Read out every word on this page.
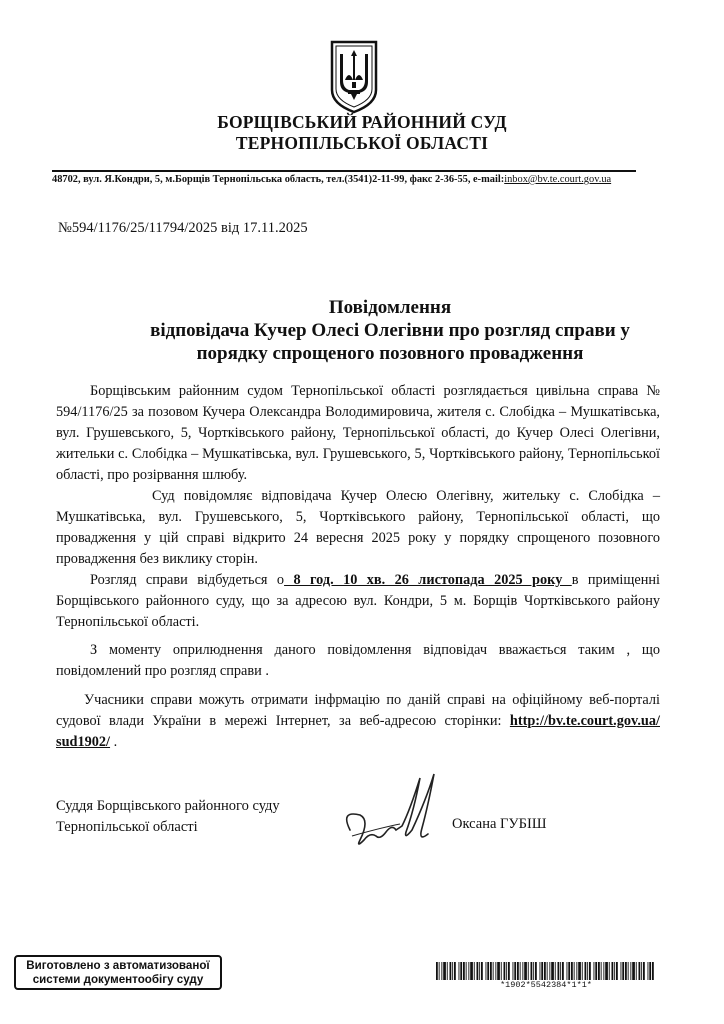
БОРЩІВСЬКИЙ РАЙОННИЙ СУД
ТЕРНОПІЛЬСЬКОЇ ОБЛАСТІ
48702, вул. Я.Кондри, 5, м.Борщів Тернопільська область, тел.(3541)2-11-99, факс 2-36-55, e-mail:inbox@bv.te.court.gov.ua
№594/1176/25/11794/2025 від 17.11.2025
Повідомлення
відповідача Кучер Олесі Олегівни про розгляд справи у
порядку спрощеного позовного провадження
Борщівським районним судом Тернопільської області розглядається цивільна справа № 594/1176/25 за позовом Кучера Олександра Володимировича, жителя с. Слобідка – Мушкатівська, вул. Грушевського, 5, Чортківського району, Тернопільської області, до Кучер Олесі Олегівни, жительки с. Слобідка – Мушкатівська, вул. Грушевського, 5, Чортківського району, Тернопільської області, про розірвання шлюбу.
Суд повідомляє відповідача Кучер Олесю Олегівну, жительку с. Слобідка – Мушкатівська, вул. Грушевського, 5, Чортківського району, Тернопільської області, що провадження у цій справі відкрито 24 вересня 2025 року у порядку спрощеного позовного провадження без виклику сторін.
Розгляд справи відбудеться о 8 год. 10 хв. 26 листопада 2025 року в приміщенні Борщівського районного суду, що за адресою вул. Кондри, 5 м. Борщів Чортківського району Тернопільської області.
З моменту оприлюднення даного повідомлення відповідач вважається таким , що повідомлений про розгляд справи .
Учасники справи можуть отримати інфрмацію по даній справі на офіційному веб-порталі судової влади України в мережі Інтернет, за веб-адресою сторінки: http://bv.te.court.gov.ua/ sud1902/ .
Суддя Борщівського районного суду
Тернопільської області	Оксана ГУБІШ
Виготовлено з автоматизованої
системи документообігу суду	*1902*5542384*1*1*
